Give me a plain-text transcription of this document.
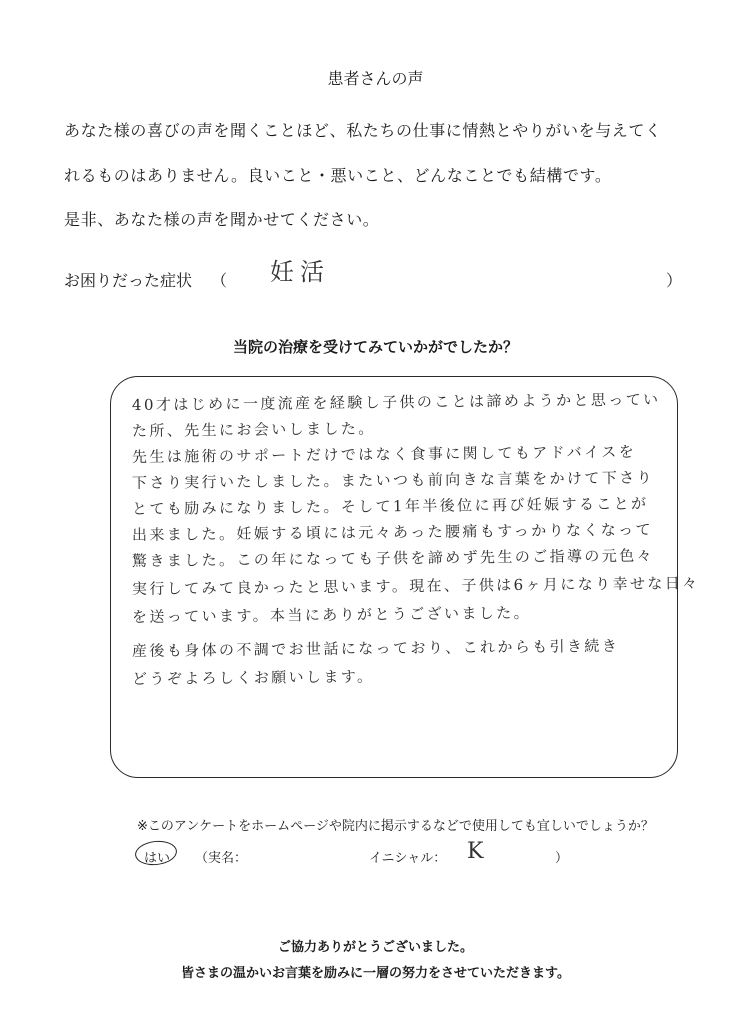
患者さんの声
あなた様の喜びの声を聞くことほど、私たちの仕事に情熱とやりがいを与えてく
れるものはありません。良いこと・悪いこと、どんなことでも結構です。
是非、あなた様の声を聞かせてください。
お困りだった症状 （ 妊活	）
当院の治療を受けてみていかがでしたか？
40才はじめに一度流産を経験し子供のことは諦めようかと思ってい
た所、先生にお会いしました。
先生は施術のサポートだけではなく食事に関してもアドバイスを
下さり実行いたしました。またいつも前向きな言葉をかけて下さり
とても励みになりました。そして1年半後位に再び妊娠することが
出来ました。妊娠する頃には元々あった腰痛もすっかりなくなって
驚きました。この年になっても子供を諦めず先生のご指導の元色々
実行してみて良かったと思います。現在、子供は6ヶ月になり幸せな日々
を送っています。本当にありがとうございました。
産後も身体の不調でお世話になっており、これからも引き続き
どうぞよろしくお願いします。
※このアンケートをホームページや院内に掲示するなどで使用しても宜しいでしょうか？
はい （実名：	イニシャル： K	）
ご協力ありがとうございました。
皆さまの温かいお言葉を励みに一層の努力をさせていただきます。
